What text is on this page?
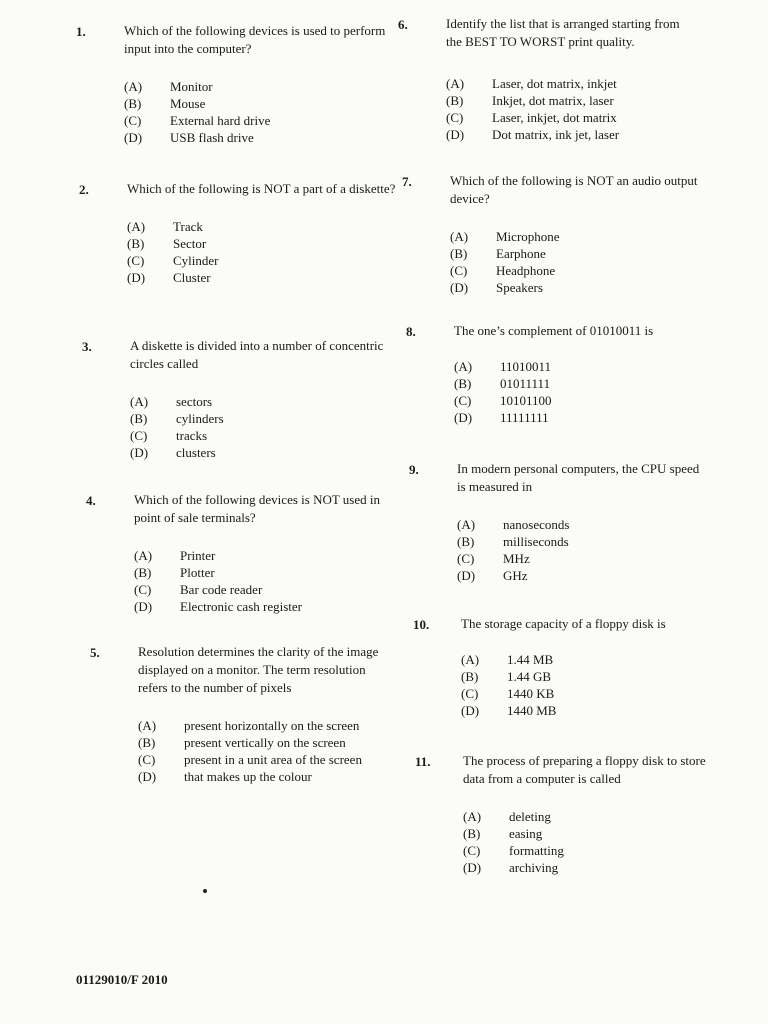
1.	Which of the following devices is used to perform input into the computer?

(A)	Monitor
(B)	Mouse
(C)	External hard drive
(D)	USB flash drive
2.	Which of the following is NOT a part of a diskette?

(A)	Track
(B)	Sector
(C)	Cylinder
(D)	Cluster
3.	A diskette is divided into a number of concentric circles called

(A)	sectors
(B)	cylinders
(C)	tracks
(D)	clusters
4.	Which of the following devices is NOT used in point of sale terminals?

(A)	Printer
(B)	Plotter
(C)	Bar code reader
(D)	Electronic cash register
5.	Resolution determines the clarity of the image displayed on a monitor. The term resolution refers to the number of pixels

(A)	present horizontally on the screen
(B)	present vertically on the screen
(C)	present in a unit area of the screen
(D)	that makes up the colour
6.	Identify the list that is arranged starting from the BEST TO WORST print quality.

(A)	Laser, dot matrix, inkjet
(B)	Inkjet, dot matrix, laser
(C)	Laser, inkjet, dot matrix
(D)	Dot matrix, ink jet, laser
7.	Which of the following is NOT an audio output device?

(A)	Microphone
(B)	Earphone
(C)	Headphone
(D)	Speakers
8.	The one’s complement of 01010011 is

(A)	11010011
(B)	01011111
(C)	10101100
(D)	11111111
9.	In modern personal computers, the CPU speed is measured in

(A)	nanoseconds
(B)	milliseconds
(C)	MHz
(D)	GHz
10. The storage capacity of a floppy disk is

(A)	1.44 MB
(B)	1.44 GB
(C)	1440 KB
(D)	1440 MB
11. The process of preparing a floppy disk to store data from a computer is called

(A)	deleting
(B)	easing
(C)	formatting
(D)	archiving
01129010/F 2010
